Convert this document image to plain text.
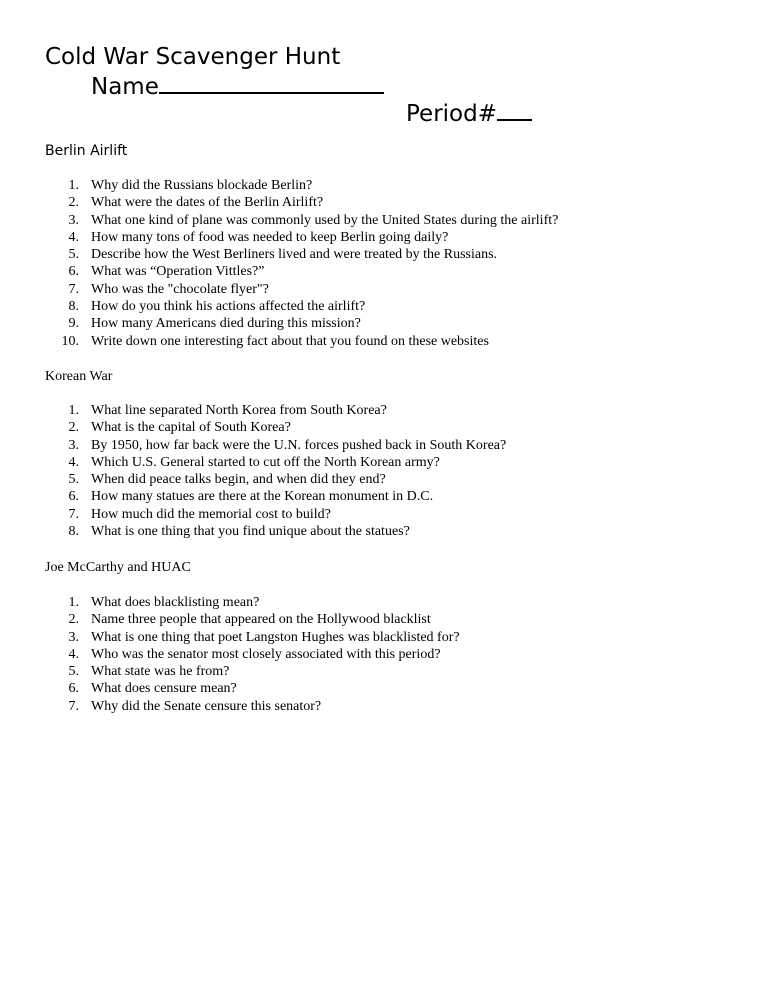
Cold War Scavenger Hunt
Name
Period#
Berlin Airlift
1. Why did the Russians blockade Berlin?
2. What were the dates of the Berlin Airlift?
3. What one kind of plane was commonly used by the United States during the airlift?
4. How many tons of food was needed to keep Berlin going daily?
5. Describe how the West Berliners lived and were treated by the Russians.
6. What was “Operation Vittles?”
7. Who was the "chocolate flyer"?
8. How do you think his actions affected the airlift?
9. How many Americans died during this mission?
10. Write down one interesting fact about that you found on these websites
Korean War
1. What line separated North Korea from South Korea?
2. What is the capital of South Korea?
3. By 1950, how far back were the U.N. forces pushed back in South Korea?
4. Which U.S. General started to cut off the North Korean army?
5. When did peace talks begin, and when did they end?
6. How many statues are there at the Korean monument in D.C.
7. How much did the memorial cost to build?
8. What is one thing that you find unique about the statues?
Joe McCarthy and HUAC
1. What does blacklisting mean?
2. Name three people that appeared on the Hollywood blacklist
3. What is one thing that poet Langston Hughes was blacklisted for?
4. Who was the senator most closely associated with this period?
5. What state was he from?
6. What does censure mean?
7. Why did the Senate censure this senator?
